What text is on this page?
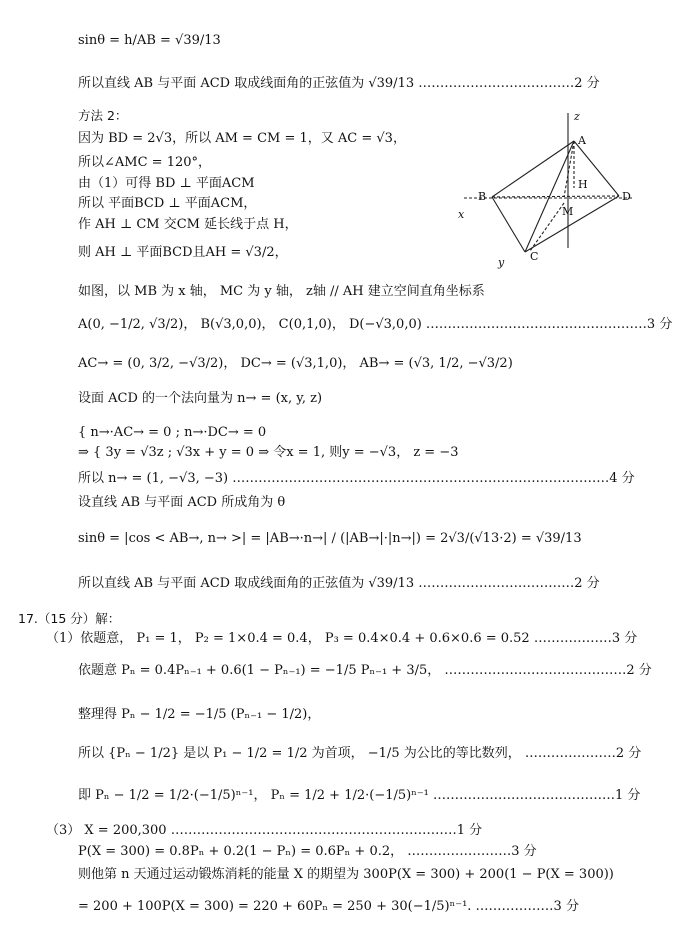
sinθ = h/AB = √39/13
所以直线 AB 与平面 ACD 取成线面角的正弦值为 √39/13 ………………………………2 分
方法 2：
因为 BD = 2√3，所以 AM = CM = 1，又 AC = √3，
所以∠AMC = 120°，
由（1）可得 BD ⊥ 平面ACM
所以 平面BCD ⊥ 平面ACM，
作 AH ⊥ CM 交CM 延长线于点 H，
则 AH ⊥ 平面BCD且AH = √3/2，
如图，以 MB 为 x 轴， MC 为 y 轴， z轴 // AH 建立空间直角坐标系
A(0, −1/2, √3/2)， B(√3,0,0)， C(0,1,0)， D(−√3,0,0) ……………………………………………3 分
AC→ = (0, 3/2, −√3/2)， DC→ = (√3,1,0)， AB→ = (√3, 1/2, −√3/2)
设面 ACD 的一个法向量为 n→ = (x, y, z)
{ n→·AC→ = 0 ; n→·DC→ = 0
⇒ { 3y = √3z ; √3x + y = 0 ⇒ 令x = 1, 则y = −√3， z = −3
所以 n→ = (1, −√3, −3) ……………………………………………………………………………4 分
设直线 AB 与平面 ACD 所成角为 θ
sinθ = |cos < AB→, n→ >| = |AB→·n→| / (|AB→|·|n→|) = 2√3/(√13·2) = √39/13
所以直线 AB 与平面 ACD 取成线面角的正弦值为 √39/13 ………………………………2 分
17.（15 分）解：
（1）依题意， P₁ = 1， P₂ = 1×0.4 = 0.4， P₃ = 0.4×0.4 + 0.6×0.6 = 0.52 ………………3 分
依题意 Pₙ = 0.4Pₙ₋₁ + 0.6(1 − Pₙ₋₁) = −1/5 Pₙ₋₁ + 3/5， ……………………………………2 分
整理得 Pₙ − 1/2 = −1/5 (Pₙ₋₁ − 1/2)，
所以 {Pₙ − 1/2} 是以 P₁ − 1/2 = 1/2 为首项， −1/5 为公比的等比数列， …………………2 分
即 Pₙ − 1/2 = 1/2·(−1/5)ⁿ⁻¹， Pₙ = 1/2 + 1/2·(−1/5)ⁿ⁻¹ ……………………………………1 分
（3） X = 200,300 …………………………………………………………1 分
P(X = 300) = 0.8Pₙ + 0.2(1 − Pₙ) = 0.6Pₙ + 0.2， ……………………3 分
则他第 n 天通过运动锻炼消耗的能量 X 的期望为 300P(X = 300) + 200(1 − P(X = 300))
= 200 + 100P(X = 300) = 220 + 60Pₙ = 250 + 30(−1/5)ⁿ⁻¹. ………………3 分
z
x
y
A
B
C
D
H
M
